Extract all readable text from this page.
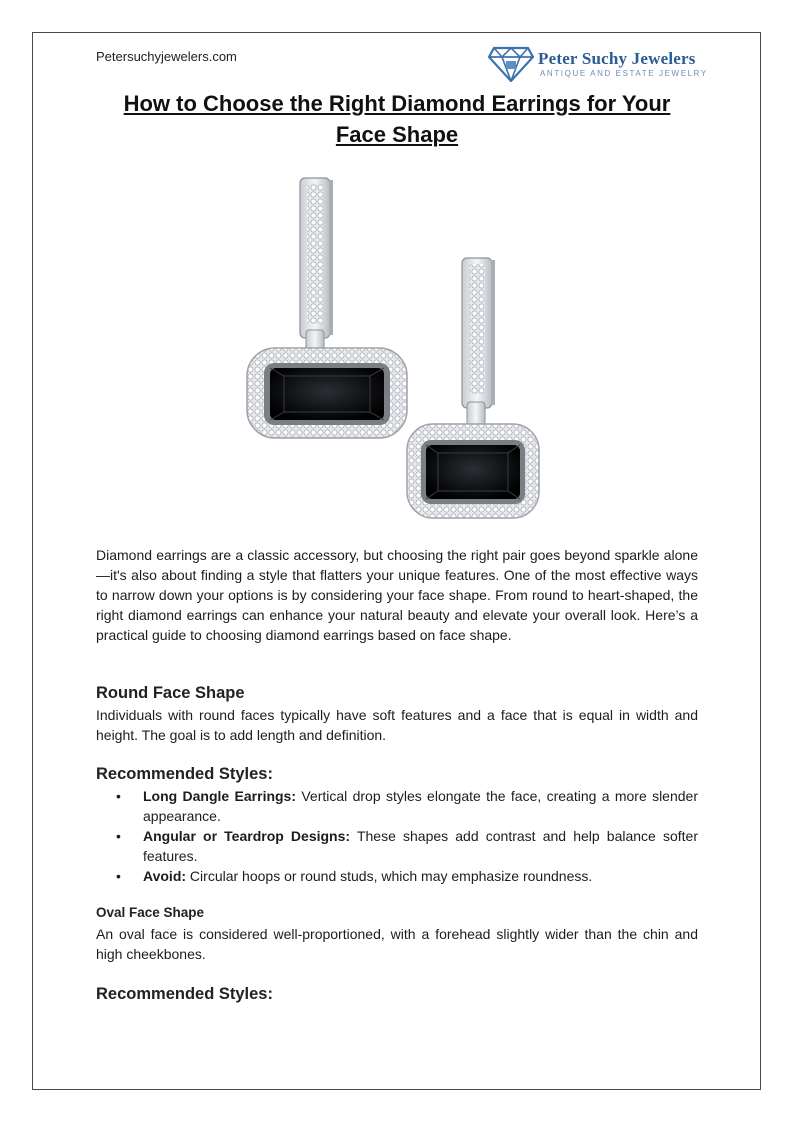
Petersuchyjewelers.com	Peter Suchy Jewelers
ANTIQUE AND ESTATE JEWELRY
How to Choose the Right Diamond Earrings for Your Face Shape
Diamond earrings are a classic accessory, but choosing the right pair goes beyond sparkle alone—it's also about finding a style that flatters your unique features. One of the most effective ways to narrow down your options is by considering your face shape. From round to heart-shaped, the right diamond earrings can enhance your natural beauty and elevate your overall look. Here’s a practical guide to choosing diamond earrings based on face shape.
Round Face Shape
Individuals with round faces typically have soft features and a face that is equal in width and height. The goal is to add length and definition.
Recommended Styles:
• Long Dangle Earrings: Vertical drop styles elongate the face, creating a more slender appearance.
• Angular or Teardrop Designs: These shapes add contrast and help balance softer features.
• Avoid: Circular hoops or round studs, which may emphasize roundness.
Oval Face Shape
An oval face is considered well-proportioned, with a forehead slightly wider than the chin and high cheekbones.
Recommended Styles:
